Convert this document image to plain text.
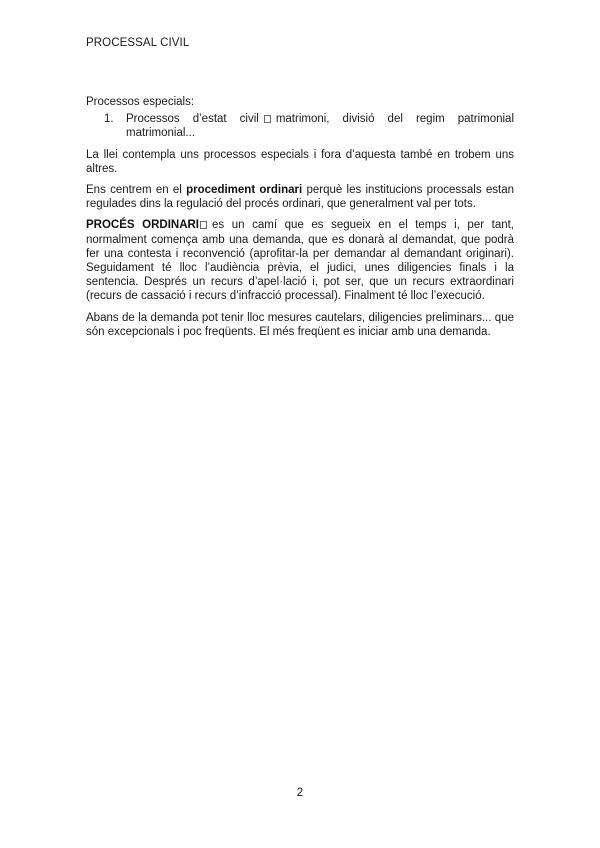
PROCESSAL CIVIL

Processos especials:

1.	Processos d’estat civil matrimoni, divisió del regim patrimonial matrimonial...

La llei contempla uns processos especials i fora d’aquesta també en trobem uns altres.

Ens centrem en el procediment ordinari perquè les institucions processals estan regulades dins la regulació del procés ordinari, que generalment val per tots.

PROCÉS ORDINARI es un camí que es segueix en el temps i, per tant, normalment comença amb una demanda, que es donarà al demandat, que podrà fer una contesta i reconvenció (aprofitar-la per demandar al demandant originari). Seguidament té lloc l’audiència prèvia, el judici, unes diligencies finals i la sentencia. Després un recurs d’apel·lació i, pot ser, que un recurs extraordinari (recurs de cassació i recurs d’infracció processal). Finalment té lloc l’execució.

Abans de la demanda pot tenir lloc mesures cautelars, diligencies preliminars... que són excepcionals i poc freqüents. El més freqüent es iniciar amb una demanda.

2
